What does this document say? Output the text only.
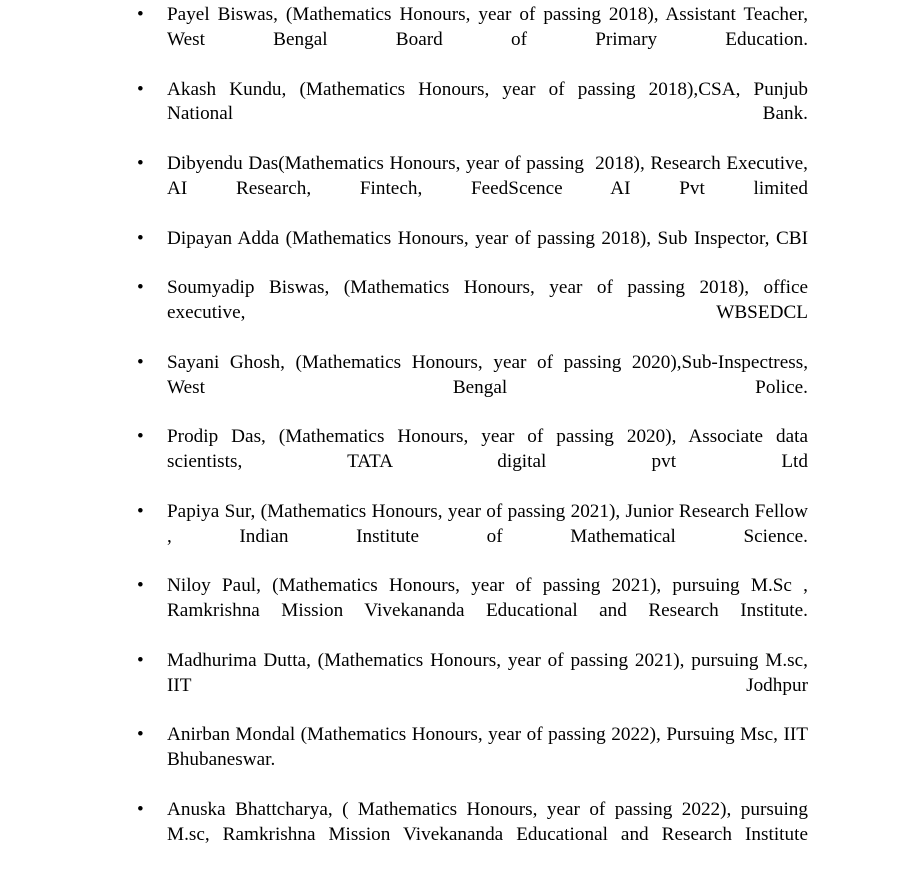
•	Payel Biswas, (Mathematics Honours, year of passing 2018), Assistant Teacher, West Bengal Board of Primary Education.
•	Akash Kundu, (Mathematics Honours, year of passing 2018),CSA, Punjub National Bank.
•	Dibyendu Das(Mathematics Honours, year of passing  2018), Research Executive, AI Research, Fintech, FeedScence AI Pvt limited
•	Dipayan Adda (Mathematics Honours, year of passing 2018), Sub Inspector, CBI
•	Soumyadip Biswas, (Mathematics Honours, year of passing 2018), office executive, WBSEDCL
•	Sayani Ghosh, (Mathematics Honours, year of passing 2020),Sub-Inspectress, West Bengal Police.
•	Prodip Das, (Mathematics Honours, year of passing 2020), Associate data scientists, TATA digital pvt Ltd
•	Papiya Sur, (Mathematics Honours, year of passing 2021), Junior Research Fellow , Indian Institute of Mathematical Science.
•	Niloy Paul, (Mathematics Honours, year of passing 2021), pursuing M.Sc , Ramkrishna Mission Vivekananda Educational and Research Institute.
•	Madhurima Dutta, (Mathematics Honours, year of passing 2021), pursuing M.sc, IIT Jodhpur
•	Anirban Mondal (Mathematics Honours, year of passing 2022), Pursuing Msc, IIT Bhubaneswar.
•	Anuska Bhattcharya, ( Mathematics Honours, year of passing 2022), pursuing M.sc, Ramkrishna Mission Vivekananda Educational and Research Institute
